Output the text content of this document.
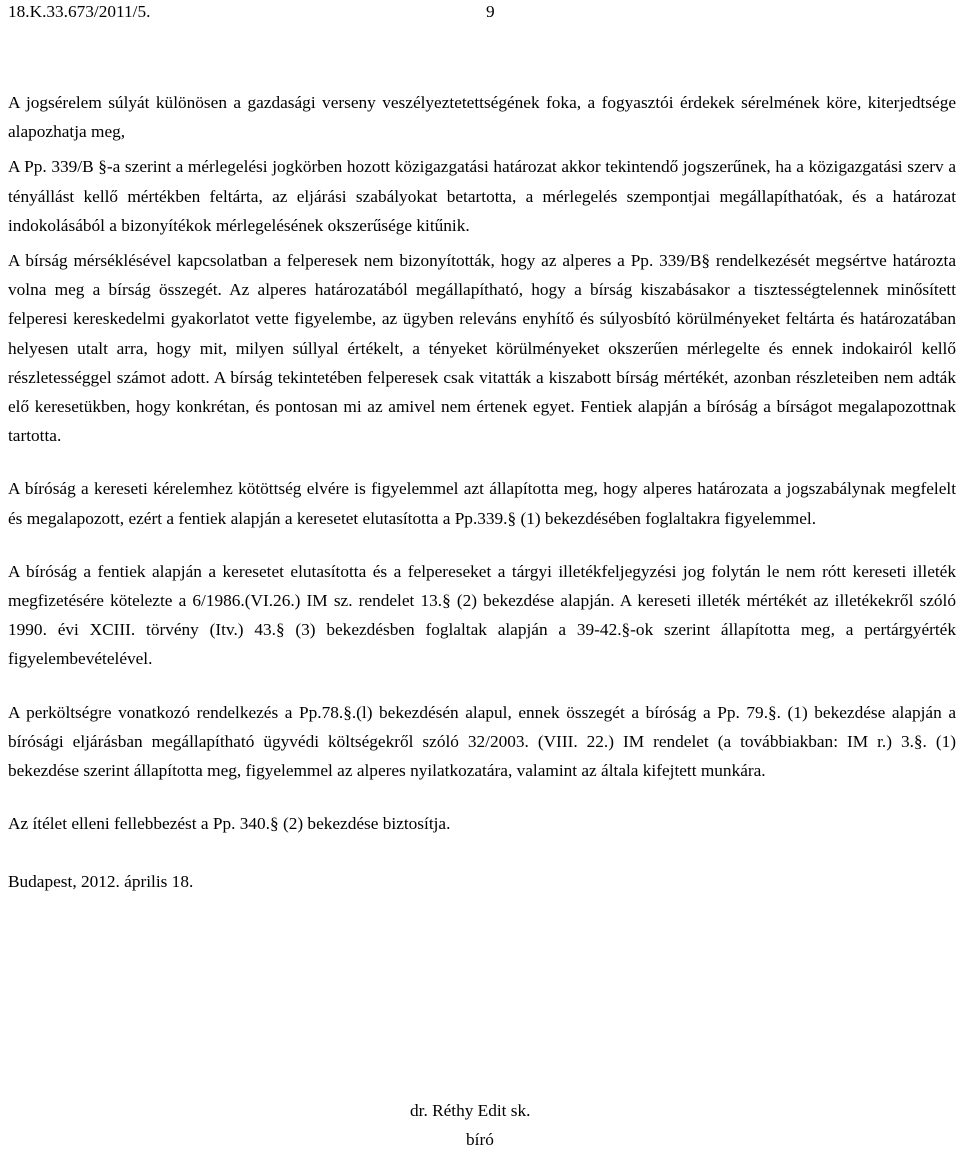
18.K.33.673/2011/5.	9

A jogsérelem súlyát különösen a gazdasági verseny veszélyeztetettségének foka, a fogyasztói érdekek sérelmének köre, kiterjedtsége alapozhatja meg,

A Pp. 339/B §-a szerint a mérlegelési jogkörben hozott közigazgatási határozat akkor tekintendő jogszerűnek, ha a közigazgatási szerv a tényállást kellő mértékben feltárta, az eljárási szabályokat betartotta, a mérlegelés szempontjai megállapíthatóak, és a határozat indokolásából a bizonyítékok mérlegelésének okszerűsége kitűnik.

A bírság mérséklésével kapcsolatban a felperesek nem bizonyították, hogy az alperes a Pp. 339/B§ rendelkezését megsértve határozta volna meg a bírság összegét. Az alperes határozatából megállapítható, hogy a bírság kiszabásakor a tisztességtelennek minősített felperesi kereskedelmi gyakorlatot vette figyelembe, az ügyben releváns enyhítő és súlyosbító körülményeket feltárta és határozatában helyesen utalt arra, hogy mit, milyen súllyal értékelt, a tényeket körülményeket okszerűen mérlegelte és ennek indokairól kellő részletességgel számot adott. A bírság tekintetében felperesek csak vitatták a kiszabott bírság mértékét, azonban részleteiben nem adták elő keresetükben, hogy konkrétan, és pontosan mi az amivel nem értenek egyet. Fentiek alapján a bíróság a bírságot megalapozottnak tartotta.

A bíróság a kereseti kérelemhez kötöttség elvére is figyelemmel azt állapította meg, hogy alperes határozata a jogszabálynak megfelelt és megalapozott, ezért a fentiek alapján a keresetet elutasította a Pp.339.§ (1) bekezdésében foglaltakra figyelemmel.

A bíróság a fentiek alapján a keresetet elutasította és a felpereseket a tárgyi illetékfeljegyzési jog folytán le nem rótt kereseti illeték megfizetésére kötelezte a 6/1986.(VI.26.) IM sz. rendelet 13.§ (2) bekezdése alapján. A kereseti illeték mértékét az illetékekről szóló 1990. évi XCIII. törvény (Itv.) 43.§ (3) bekezdésben foglaltak alapján a 39-42.§-ok szerint állapította meg, a pertárgyérték figyelembevételével.

A perköltségre vonatkozó rendelkezés a Pp.78.§.(l) bekezdésén alapul, ennek összegét a bíróság a Pp. 79.§. (1) bekezdése alapján a bírósági eljárásban megállapítható ügyvédi költségekről szóló 32/2003. (VIII. 22.) IM rendelet (a továbbiakban: IM r.) 3.§. (1) bekezdése szerint állapította meg, figyelemmel az alperes nyilatkozatára, valamint az általa kifejtett munkára.

Az ítélet elleni fellebbezést a Pp. 340.§ (2) bekezdése biztosítja.

Budapest, 2012. április 18.

dr. Réthy Edit sk.
bíró
